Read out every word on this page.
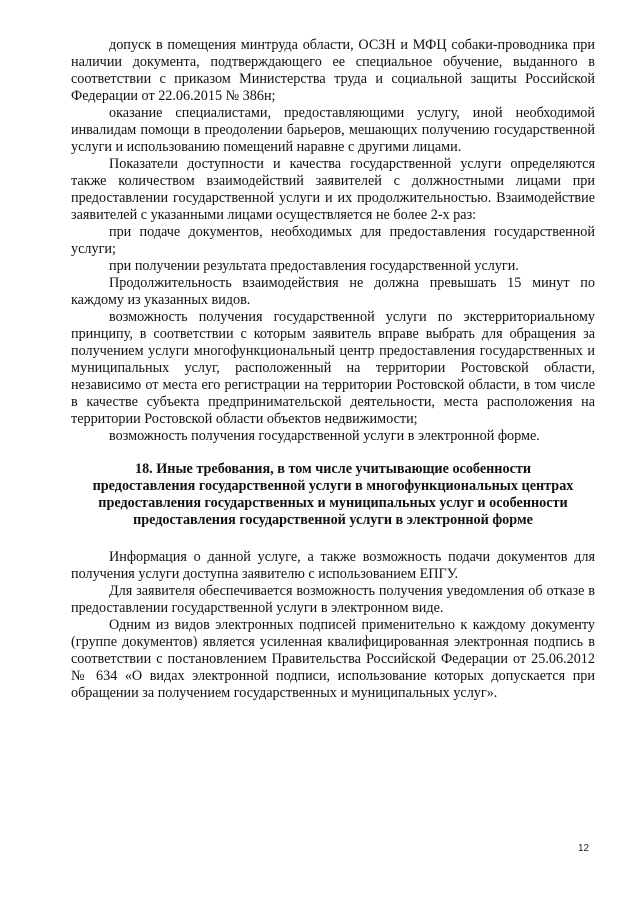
допуск в помещения минтруда области, ОСЗН и МФЦ собаки-проводника при наличии документа, подтверждающего ее специальное обучение, выданного в соответствии с приказом Министерства труда и социальной защиты Российской Федерации от 22.06.2015 № 386н;

оказание специалистами, предоставляющими услугу, иной необходимой инвалидам помощи в преодолении барьеров, мешающих получению государственной услуги и использованию помещений наравне с другими лицами.

Показатели доступности и качества государственной услуги определяются также количеством взаимодействий заявителей с должностными лицами при предоставлении государственной услуги и их продолжительностью. Взаимодействие заявителей с указанными лицами осуществляется не более 2-х раз:

при подаче документов, необходимых для предоставления государственной услуги;

при получении результата предоставления государственной услуги.

Продолжительность взаимодействия не должна превышать 15 минут по каждому из указанных видов.

возможность получения государственной услуги по экстерриториальному принципу, в соответствии с которым заявитель вправе выбрать для обращения за получением услуги многофункциональный центр предоставления государственных и муниципальных услуг, расположенный на территории Ростовской области, независимо от места его регистрации на территории Ростовской области, в том числе в качестве субъекта предпринимательской деятельности, места расположения на территории Ростовской области объектов недвижимости;

возможность получения государственной услуги в электронной форме.

18. Иные требования, в том числе учитывающие особенности
предоставления государственной услуги в многофункциональных центрах
предоставления государственных и муниципальных услуг и особенности
предоставления государственной услуги в электронной форме

Информация о данной услуге, а также возможность подачи документов для получения услуги доступна заявителю с использованием ЕПГУ.

Для заявителя обеспечивается возможность получения уведомления об отказе в предоставлении государственной услуги в электронном виде.

Одним из видов электронных подписей применительно к каждому документу (группе документов) является усиленная квалифицированная электронная подпись в соответствии с постановлением Правительства Российской Федерации от 25.06.2012 № 634 «О видах электронной подписи, использование которых допускается при обращении за получением государственных и муниципальных услуг».

12
